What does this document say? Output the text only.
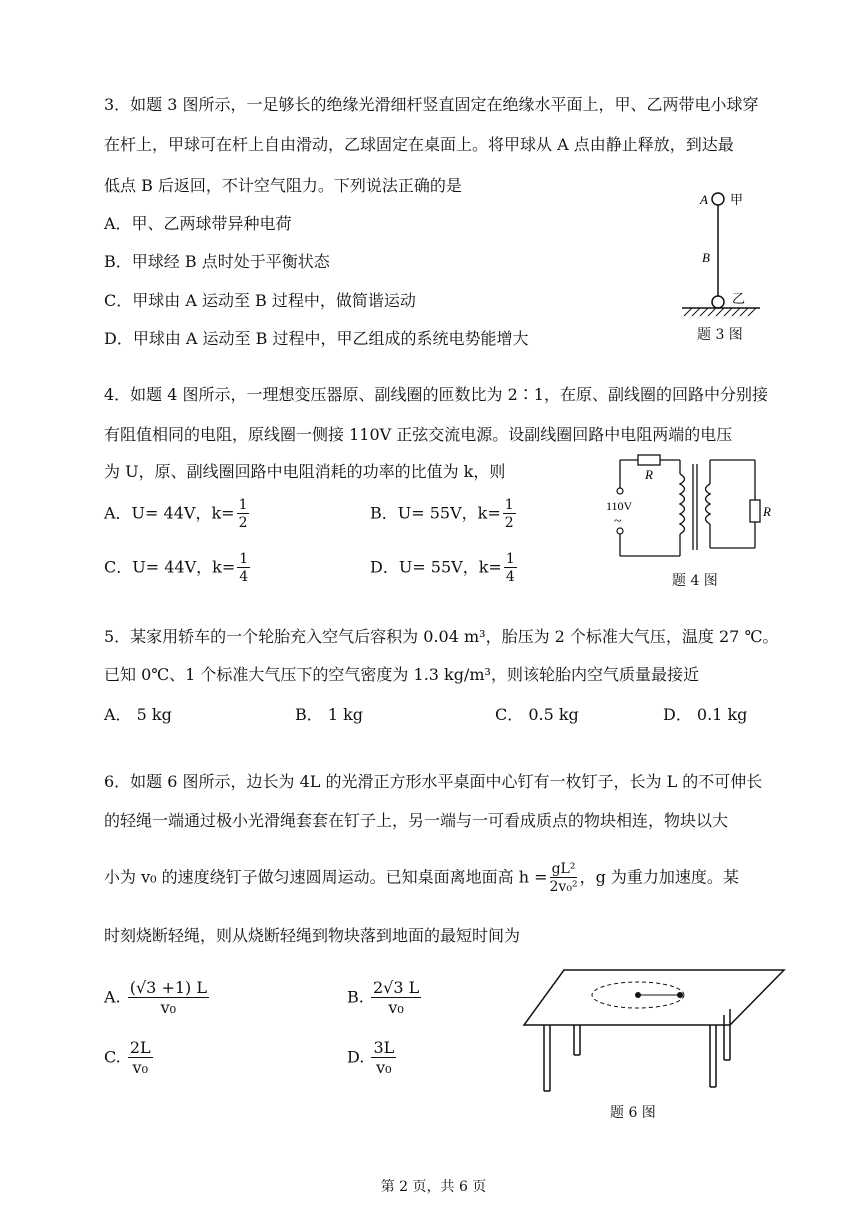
3．如题 3 图所示，一足够长的绝缘光滑细杆竖直固定在绝缘水平面上，甲、乙两带电小球穿
在杆上，甲球可在杆上自由滑动，乙球固定在桌面上。将甲球从 A 点由静止释放，到达最
低点 B 后返回，不计空气阻力。下列说法正确的是
A．甲、乙两球带异种电荷
B．甲球经 B 点时处于平衡状态
C．甲球由 A 运动至 B 过程中，做简谐运动
D．甲球由 A 运动至 B 过程中，甲乙组成的系统电势能增大
A 甲
B
乙
题 3 图
4．如题 4 图所示，一理想变压器原、副线圈的匝数比为 2∶1，在原、副线圈的回路中分别接
有阻值相同的电阻，原线圈一侧接 110V 正弦交流电源。设副线圈回路中电阻两端的电压
为 U，原、副线圈回路中电阻消耗的功率的比值为 k，则
A．U= 44V，$k= \frac{1}{2}$	B．U= 55V，$k= \frac{1}{2}$
C．U= 44V，$k= \frac{1}{4}$	D．U= 55V，$k= \frac{1}{4}$
R
R
110V
~
题 4 图
5．某家用轿车的一个轮胎充入空气后容积为 0.04 m³，胎压为 2 个标准大气压，温度 27 ℃。
已知 0℃、1 个标准大气压下的空气密度为 1.3 kg/m³，则该轮胎内空气质量最接近
A． 5 kg	B． 1 kg	C． 0.5 kg	D． 0.1 kg
6．如题 6 图所示，边长为 4L 的光滑正方形水平桌面中心钉有一枚钉子，长为 L 的不可伸长
的轻绳一端通过极小光滑绳套套在钉子上，另一端与一可看成质点的物块相连，物块以大
小为 v₀ 的速度绕钉子做匀速圆周运动。已知桌面离地面高 $h = \frac{\text{gL²}}{\text{2v₀²}}$ ，g 为重力加速度。某
时刻烧断轻绳，则从烧断轻绳到物块落到地面的最短时间为
A. $\frac{(√3 +1) L}{\text{v₀}}$	B. $\frac{2√3 L}{\text{v₀}}$
C. $\frac{2L}{\text{v₀}}$	D. $\frac{3L}{\text{v₀}}$
题 6 图
第 2 页，共 6 页
